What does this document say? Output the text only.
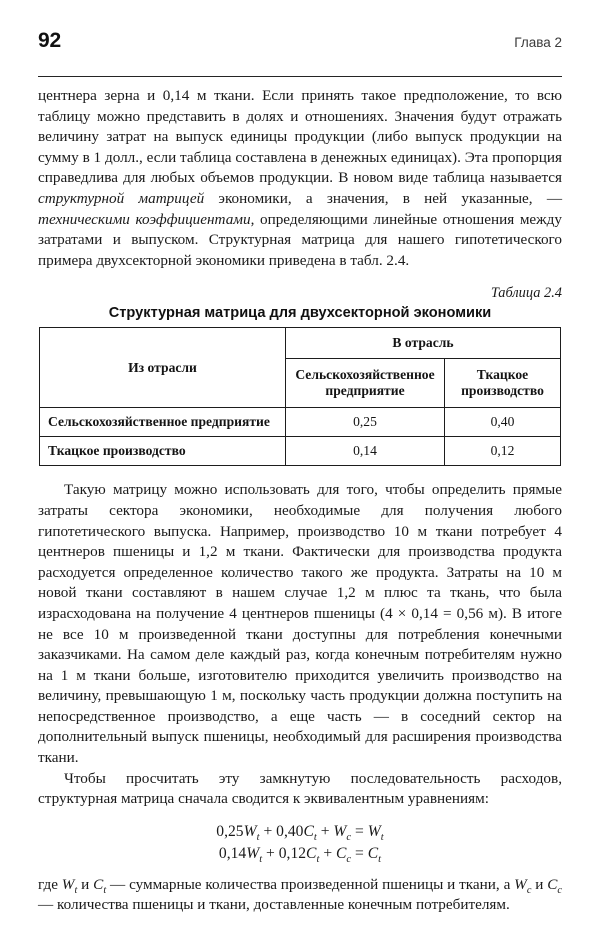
92	Глава 2

центнера зерна и 0,14 м ткани. Если принять такое предположение, то всю таблицу можно представить в долях и отношениях. Значения будут отражать величину затрат на выпуск единицы продукции (либо выпуск продукции на сумму в 1 долл., если таблица составлена в денежных единицах). Эта пропорция справедлива для любых объемов продукции. В новом виде таблица называется структурной матрицей экономики, а значения, в ней указанные, — техническими коэффициентами, определяющими линейные отношения между затратами и выпуском. Структурная матрица для нашего гипотетического примера двухсекторной экономики приведена в табл. 2.4.

Таблица 2.4
Структурная матрица для двухсекторной экономики
Из отрасли	В отрасль	
	Сельскохозяйственное предприятие	Ткацкое производство
Сельскохозяйственное предприятие	0,25	0,40
Ткацкое производство	0,14	0,12

Такую матрицу можно использовать для того, чтобы определить прямые затраты сектора экономики, необходимые для получения любого гипотетического выпуска. Например, производство 10 м ткани потребует 4 центнеров пшеницы и 1,2 м ткани. Фактически для производства продукта расходуется определенное количество такого же продукта. Затраты на 10 м новой ткани составляют в нашем случае 1,2 м плюс та ткань, что была израсходована на получение 4 центнеров пшеницы (4 × 0,14 = 0,56 м). В итоге не все 10 м произведенной ткани доступны для потребления конечными заказчиками. На самом деле каждый раз, когда конечным потребителям нужно на 1 м ткани больше, изготовителю приходится увеличить производство на величину, превышающую 1 м, поскольку часть продукции должна поступить на непосредственное производство, а еще часть — в соседний сектор на дополнительный выпуск пшеницы, необходимый для расширения производства ткани.

Чтобы просчитать эту замкнутую последовательность расходов, структурная матрица сначала сводится к эквивалентным уравнениям:

$0,25W_t + 0,40C_t + W_c = W_t$
$0,14W_t + 0,12C_t + C_c = C_t$

где $W_t$ и $C_t$ — суммарные количества произведенной пшеницы и ткани, а $W_c$ и $C_c$ — количества пшеницы и ткани, доставленные конечным потребителям.
